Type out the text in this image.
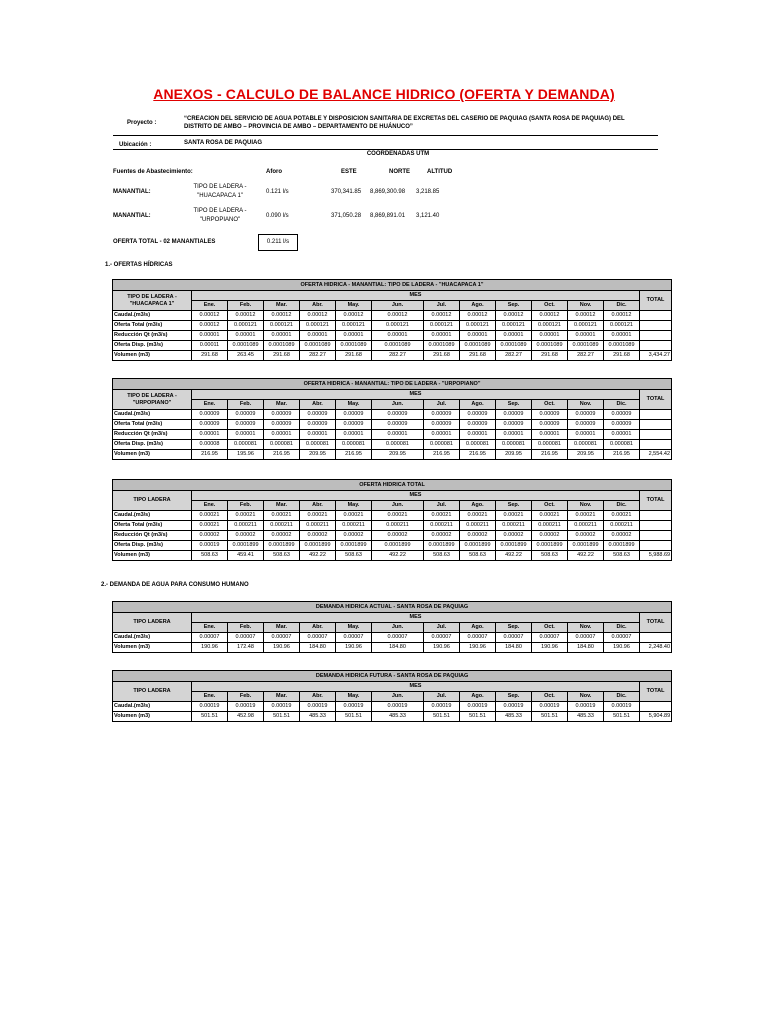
ANEXOS - CALCULO DE BALANCE HIDRICO (OFERTA Y DEMANDA)
Proyecto :
“CREACION DEL SERVICIO DE AGUA POTABLE Y DISPOSICION SANITARIA DE EXCRETAS DEL CASERIO DE PAQUIAG (SANTA ROSA DE PAQUIAG) DEL DISTRITO DE AMBO – PROVINCIA DE AMBO – DEPARTAMENTO DE HUÁNUCO”
Ubicación :	SANTA ROSA DE PAQUIAG
COORDENADAS UTM
Fuentes de Abastecimiento:	Aforo	ESTE	NORTE	ALTITUD
MANANTIAL:
TIPO DE LADERA - "HUACAPACA 1"
0.121 l/s	370,341.85 8,869,300.98 3,218.85
MANANTIAL:
TIPO DE LADERA - "URPOPIANO"
0.090 l/s	371,050.28 8,869,891.01 3,121.40
OFERTA TOTAL - 02 MANANTIALES	0.211 l/s
1.- OFERTAS HÍDRICAS
2.- DEMANDA DE AGUA PARA CONSUMO HUMANO
OFERTA HIDRICA - MANANTIAL: TIPO DE LADERA - "HUACAPACA 1"													
TIPO DE LADERA - "HUACAPACA 1"	MES												TOTAL
	Ene.	Feb.	Mar.	Abr.	May.	Jun.	Jul.	Ago.	Sep.	Oct.	Nov.	Dic.	
Caudal.(m3/s)	0.00012	0.00012	0.00012	0.00012	0.00012	0.00012	0.00012	0.00012	0.00012	0.00012	0.00012	0.00012	
Oferta Total (m3/s)	0.00012	0.000121	0.000121	0.000121	0.000121	0.000121	0.000121	0.000121	0.000121	0.000121	0.000121	0.000121	
Reducción Qt (m3/s)	0.00001	0.00001	0.00001	0.00001	0.00001	0.00001	0.00001	0.00001	0.00001	0.00001	0.00001	0.00001	
Oferta Disp. (m3/s)	0.00011	0.0001089	0.0001089	0.0001089	0.0001089	0.0001089	0.0001089	0.0001089	0.0001089	0.0001089	0.0001089	0.0001089	
Volumen (m3)	291.68	263.45	291.68	282.27	291.68	282.27	291.68	291.68	282.27	291.68	282.27	291.68	3,434.27
OFERTA HIDRICA - MANANTIAL: TIPO DE LADERA - "URPOPIANO"													
TIPO DE LADERA - "URPOPIANO"	MES												TOTAL
	Ene.	Feb.	Mar.	Abr.	May.	Jun.	Jul.	Ago.	Sep.	Oct.	Nov.	Dic.	
Caudal.(m3/s)	0.00009	0.00009	0.00009	0.00009	0.00009	0.00009	0.00009	0.00009	0.00009	0.00009	0.00009	0.00009	
Oferta Total (m3/s)	0.00009	0.00009	0.00009	0.00009	0.00009	0.00009	0.00009	0.00009	0.00009	0.00009	0.00009	0.00009	
Reducción Qt (m3/s)	0.00001	0.00001	0.00001	0.00001	0.00001	0.00001	0.00001	0.00001	0.00001	0.00001	0.00001	0.00001	
Oferta Disp. (m3/s)	0.00008	0.000081	0.000081	0.000081	0.000081	0.000081	0.000081	0.000081	0.000081	0.000081	0.000081	0.000081	
Volumen (m3)	216.95	195.96	216.95	209.95	216.95	209.95	216.95	216.95	209.95	216.95	209.95	216.95	2,554.42
OFERTA HIDRICA TOTAL													
TIPO LADERA	MES												TOTAL
	Ene.	Feb.	Mar.	Abr.	May.	Jun.	Jul.	Ago.	Sep.	Oct.	Nov.	Dic.	
Caudal.(m3/s)	0.00021	0.00021	0.00021	0.00021	0.00021	0.00021	0.00021	0.00021	0.00021	0.00021	0.00021	0.00021	
Oferta Total (m3/s)	0.00021	0.000211	0.000211	0.000211	0.000211	0.000211	0.000211	0.000211	0.000211	0.000211	0.000211	0.000211	
Reducción Qt (m3/s)	0.00002	0.00002	0.00002	0.00002	0.00002	0.00002	0.00002	0.00002	0.00002	0.00002	0.00002	0.00002	
Oferta Disp. (m3/s)	0.00019	0.0001899	0.0001899	0.0001899	0.0001899	0.0001899	0.0001899	0.0001899	0.0001899	0.0001899	0.0001899	0.0001899	
Volumen (m3)	508.63	459.41	508.63	492.22	508.63	492.22	508.63	508.63	492.22	508.63	492.22	508.63	5,988.69
DEMANDA HIDRICA ACTUAL - SANTA ROSA DE PAQUIAG													
TIPO LADERA	MES												TOTAL
	Ene.	Feb.	Mar.	Abr.	May.	Jun.	Jul.	Ago.	Sep.	Oct.	Nov.	Dic.	
Caudal.(m3/s)	0.00007	0.00007	0.00007	0.00007	0.00007	0.00007	0.00007	0.00007	0.00007	0.00007	0.00007	0.00007	
Volumen (m3)	190.96	172.48	190.96	184.80	190.96	184.80	190.96	190.96	184.80	190.96	184.80	190.96	2,248.40
DEMANDA HIDRICA FUTURA - SANTA ROSA DE PAQUIAG													
TIPO LADERA	MES												TOTAL
	Ene.	Feb.	Mar.	Abr.	May.	Jun.	Jul.	Ago.	Sep.	Oct.	Nov.	Dic.	
Caudal.(m3/s)	0.00019	0.00019	0.00019	0.00019	0.00019	0.00019	0.00019	0.00019	0.00019	0.00019	0.00019	0.00019	
Volumen (m3)	501.51	452.98	501.51	485.33	501.51	485.33	501.51	501.51	485.33	501.51	485.33	501.51	5,904.89
